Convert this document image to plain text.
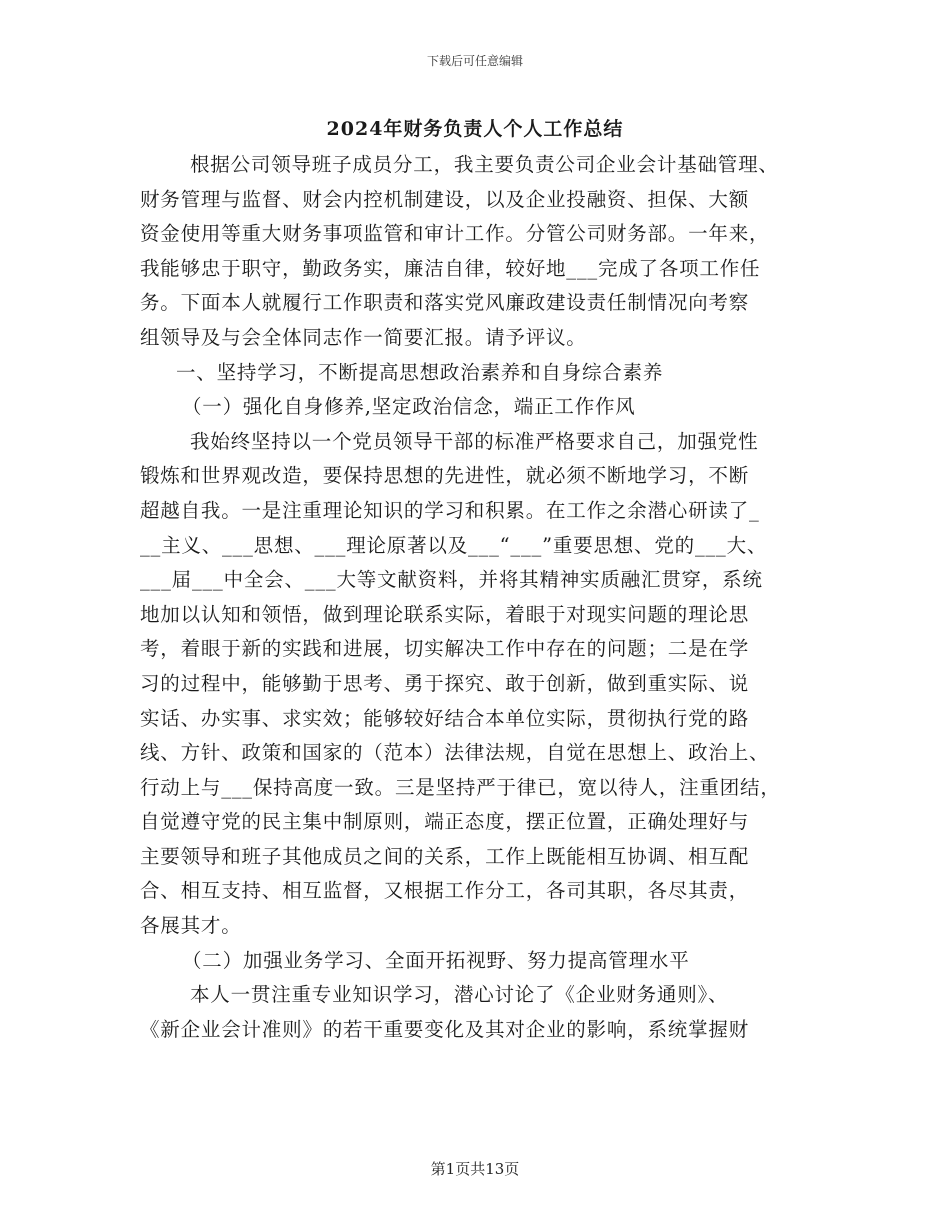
下载后可任意编辑
2024年财务负责人个人工作总结
根据公司领导班子成员分工，我主要负责公司企业会计基础管理、
财务管理与监督、财会内控机制建设，以及企业投融资、担保、大额
资金使用等重大财务事项监管和审计工作。分管公司财务部。一年来，
我能够忠于职守，勤政务实，廉洁自律，较好地___完成了各项工作任
务。下面本人就履行工作职责和落实党风廉政建设责任制情况向考察
组领导及与会全体同志作一简要汇报。请予评议。
一、坚持学习，不断提高思想政治素养和自身综合素养
（一）强化自身修养,坚定政治信念，端正工作作风
我始终坚持以一个党员领导干部的标准严格要求自己，加强党性
锻炼和世界观改造，要保持思想的先进性，就必须不断地学习，不断
超越自我。一是注重理论知识的学习和积累。在工作之余潜心研读了_
__主义、___思想、___理论原著以及___“___”重要思想、党的___大、
___届___中全会、___大等文献资料，并将其精神实质融汇贯穿，系统
地加以认知和领悟，做到理论联系实际，着眼于对现实问题的理论思
考，着眼于新的实践和进展，切实解决工作中存在的问题；二是在学
习的过程中，能够勤于思考、勇于探究、敢于创新，做到重实际、说
实话、办实事、求实效；能够较好结合本单位实际，贯彻执行党的路
线、方针、政策和国家的（范本）法律法规，自觉在思想上、政治上、
行动上与___保持高度一致。三是坚持严于律已，宽以待人，注重团结，
自觉遵守党的民主集中制原则，端正态度，摆正位置，正确处理好与
主要领导和班子其他成员之间的关系，工作上既能相互协调、相互配
合、相互支持、相互监督，又根据工作分工，各司其职，各尽其责，
各展其才。
（二）加强业务学习、全面开拓视野、努力提高管理水平
本人一贯注重专业知识学习，潜心讨论了《企业财务通则》、
《新企业会计准则》的若干重要变化及其对企业的影响，系统掌握财
第1页共13页
